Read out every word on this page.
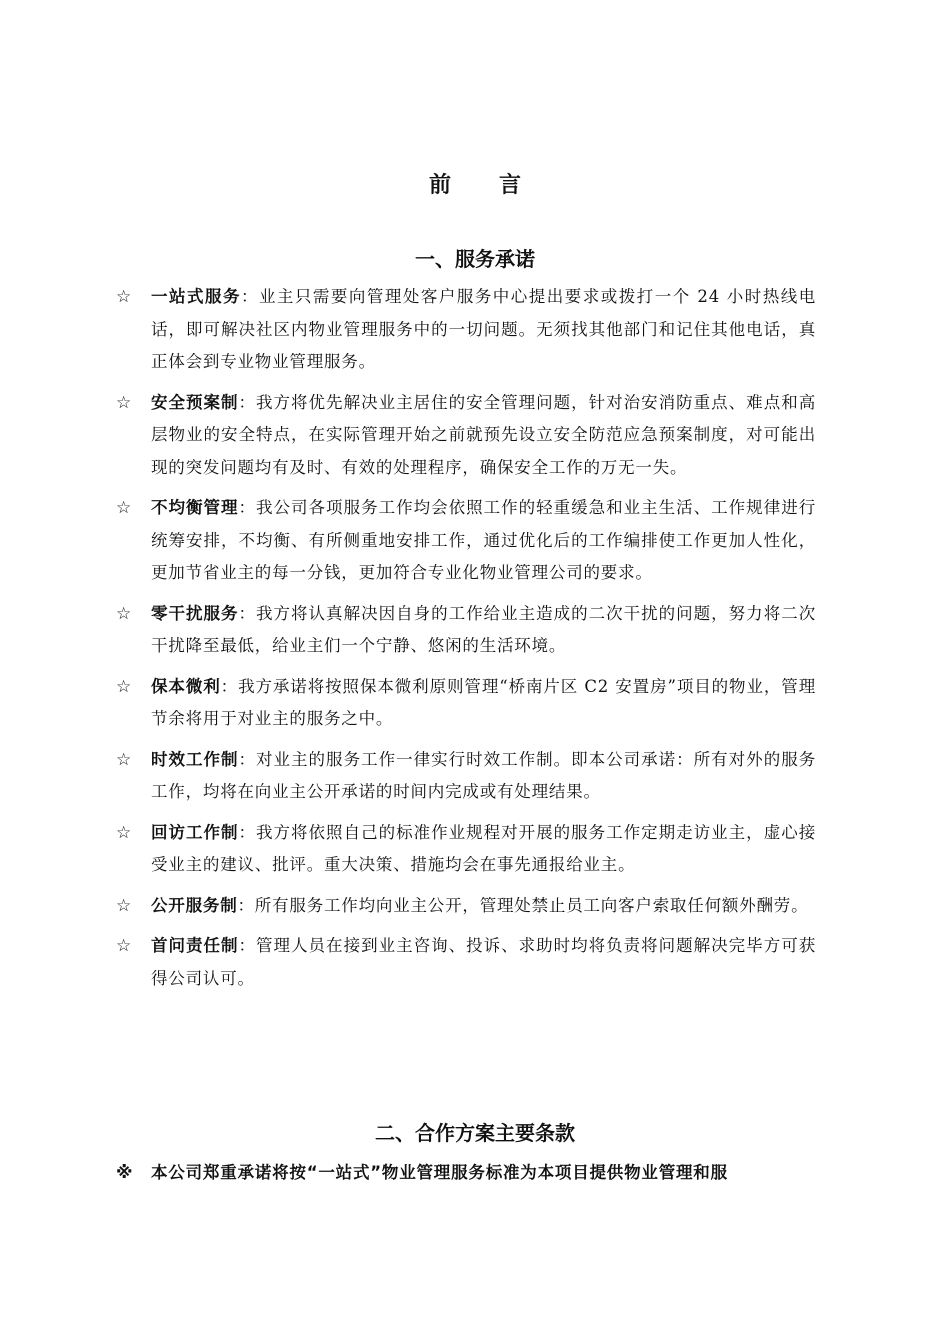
前言
一、服务承诺
☆	一站式服务：业主只需要向管理处客户服务中心提出要求或拨打一个 24 小时热线电话，即可解决社区内物业管理服务中的一切问题。无须找其他部门和记住其他电话，真正体会到专业物业管理服务。
☆	安全预案制：我方将优先解决业主居住的安全管理问题，针对治安消防重点、难点和高层物业的安全特点，在实际管理开始之前就预先设立安全防范应急预案制度，对可能出现的突发问题均有及时、有效的处理程序，确保安全工作的万无一失。
☆	不均衡管理：我公司各项服务工作均会依照工作的轻重缓急和业主生活、工作规律进行统筹安排，不均衡、有所侧重地安排工作，通过优化后的工作编排使工作更加人性化，更加节省业主的每一分钱，更加符合专业化物业管理公司的要求。
☆	零干扰服务：我方将认真解决因自身的工作给业主造成的二次干扰的问题，努力将二次干扰降至最低，给业主们一个宁静、悠闲的生活环境。
☆	保本微利：我方承诺将按照保本微利原则管理“桥南片区 C2 安置房”项目的物业，管理节余将用于对业主的服务之中。
☆	时效工作制：对业主的服务工作一律实行时效工作制。即本公司承诺：所有对外的服务工作，均将在向业主公开承诺的时间内完成或有处理结果。
☆	回访工作制：我方将依照自己的标准作业规程对开展的服务工作定期走访业主，虚心接受业主的建议、批评。重大决策、措施均会在事先通报给业主。
☆	公开服务制：所有服务工作均向业主公开，管理处禁止员工向客户索取任何额外酬劳。
☆	首问责任制：管理人员在接到业主咨询、投诉、求助时均将负责将问题解决完毕方可获得公司认可。
二、合作方案主要条款
※	本公司郑重承诺将按“一站式”物业管理服务标准为本项目提供物业管理和服
